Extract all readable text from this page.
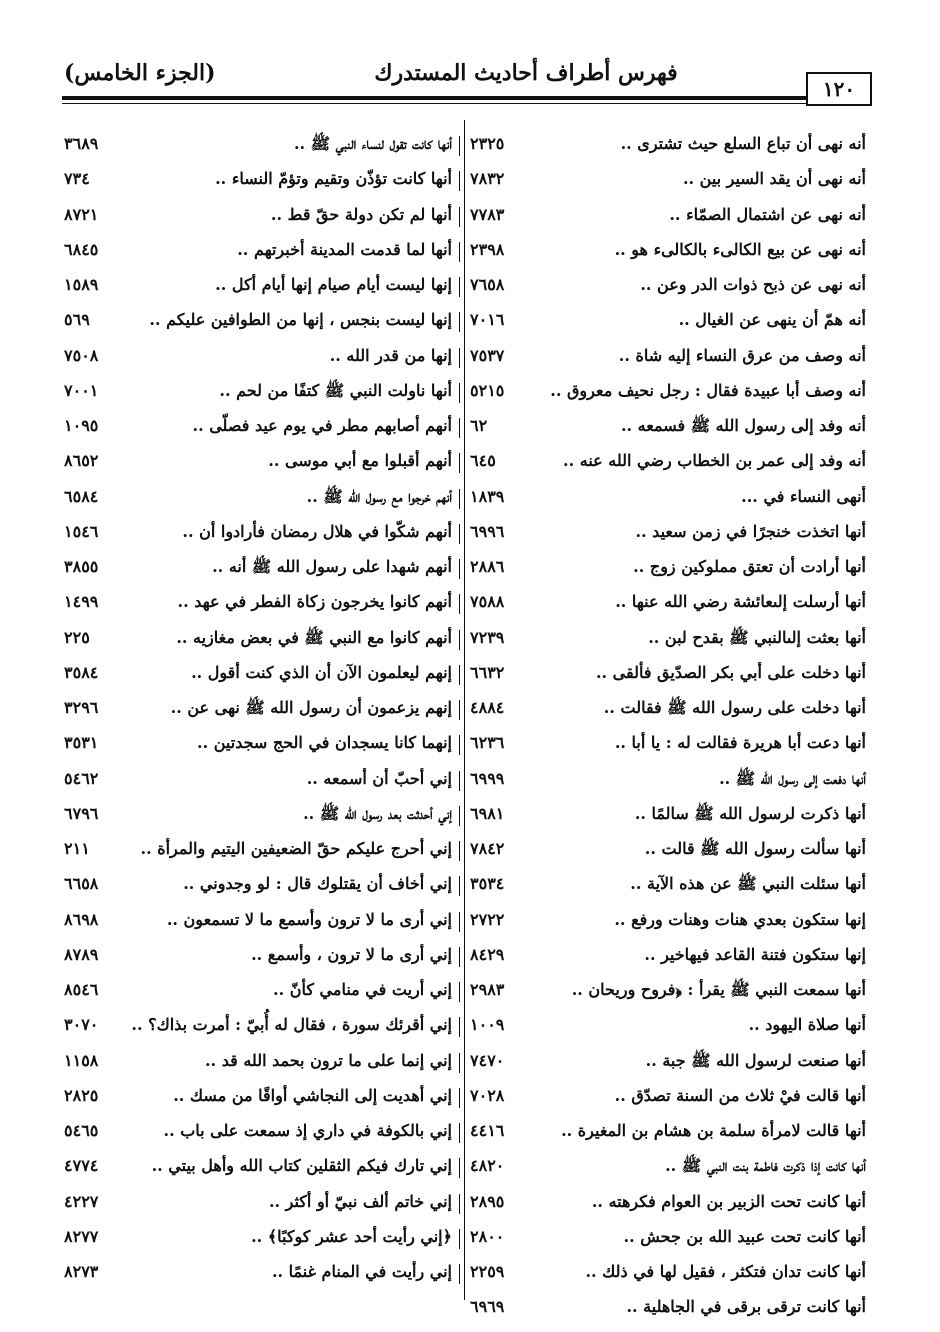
١٢٠
فهرس أطراف أحاديث المستدرك
(الجزء الخامس)
أنه نهى أن تباع السلع حيث تشترى ..
٢٣٢٥
أنه نهى أن يقد السير بين ..
٧٨٣٢
أنه نهى عن اشتمال الصمّاء ..
٧٧٨٣
أنه نهى عن بيع الكالىء بالكالىء هو ..
٢٣٩٨
أنه نهى عن ذبح ذوات الدر وعن ..
٧٦٥٨
أنه همّ أن ينهى عن الغيال ..
٧٠١٦
أنه وصف من عرق النساء إليه شاة ..
٧٥٣٧
أنه وصف أبا عبيدة فقال : رجل نحيف معروق ..
٥٢١٥
أنه وفد إلى رسول الله ﷺ فسمعه ..
٦٢
أنه وفد إلى عمر بن الخطاب رضي الله عنه ..
٦٤٥
أنهى النساء في ...
١٨٣٩
أنها اتخذت خنجرًا في زمن سعيد ..
٦٩٩٦
أنها أرادت أن تعتق مملوكين زوج ..
٢٨٨٦
أنها أرسلت إلىعائشة رضي الله عنها ..
٧٥٨٨
أنها بعثت إلىالنبي ﷺ بقدح لبن ..
٧٢٣٩
أنها دخلت على أبي بكر الصدّيق فألقى ..
٦٦٣٢
أنها دخلت على رسول الله ﷺ فقالت ..
٤٨٨٤
أنها دعت أبا هريرة فقالت له : يا أبا ..
٦٢٣٦
أنها دفعت إلى رسول الله ﷺ ..
٦٩٩٩
أنها ذكرت لرسول الله ﷺ سالمًا ..
٦٩٨١
أنها سألت رسول الله ﷺ قالت ..
٧٨٤٢
أنها سئلت النبي ﷺ عن هذه الآية ..
٣٥٣٤
إنها ستكون بعدي هنات وهنات ورفع ..
٢٧٢٢
إنها ستكون فتنة القاعد فيهاخير ..
٨٤٢٩
أنها سمعت النبي ﷺ يقرأ : ﴿فروح وريحان ..
٢٩٨٣
أنها صلاة اليهود ..
١٠٠٩
أنها صنعت لرسول الله ﷺ جبة ..
٧٤٧٠
أنها قالت فيْ ثلاث من السنة تصدّق ..
٧٠٢٨
أنها قالت لامرأة سلمة بن هشام بن المغيرة ..
٤٤١٦
أنها كانت إذا ذكرت فاطمة بنت النبي ﷺ ..
٤٨٢٠
أنها كانت تحت الزبير بن العوام فكرهته ..
٢٨٩٥
أنها كانت تحت عبيد الله بن جحش ..
٢٨٠٠
أنها كانت تدان فتكثر ، فقيل لها في ذلك ..
٢٢٥٩
أنها كانت ترقى برقى في الجاهلية ..
٦٩٦٩
أنها كانت تقول لنساء النبي ﷺ ..
٣٦٨٩
أنها كانت تؤذّن وتقيم وتؤمّ النساء ..
٧٣٤
أنها لم تكن دولة حقّ قط ..
٨٧٢١
أنها لما قدمت المدينة أخبرتهم ..
٦٨٤٥
إنها ليست أيام صيام إنها أيام أكل ..
١٥٨٩
إنها ليست بنجس ، إنها من الطوافين عليكم ..
٥٦٩
إنها من قدر الله ..
٧٥٠٨
أنها ناولت النبي ﷺ كتفًا من لحم ..
٧٠٠١
أنهم أصابهم مطر في يوم عيد فصلّى ..
١٠٩٥
أنهم أقبلوا مع أبي موسى ..
٨٦٥٢
أنهم خرجوا مع رسول الله ﷺ ..
٦٥٨٤
أنهم شكّوا في هلال رمضان فأرادوا أن ..
١٥٤٦
أنهم شهدا على رسول الله ﷺ أنه ..
٣٨٥٥
أنهم كانوا يخرجون زكاة الفطر في عهد ..
١٤٩٩
أنهم كانوا مع النبي ﷺ في بعض مغازيه ..
٢٢٥
إنهم ليعلمون الآن أن الذي كنت أقول ..
٣٥٨٤
إنهم يزعمون أن رسول الله ﷺ نهى عن ..
٣٢٩٦
إنهما كانا يسجدان في الحج سجدتين ..
٣٥٣١
إني أحبّ أن أسمعه ..
٥٤٦٢
إني أحدثت بعد رسول الله ﷺ ..
٦٧٩٦
إني أحرج عليكم حقّ الضعيفين اليتيم والمرأة ..
٢١١
إني أخاف أن يقتلوك قال : لو وجدوني ..
٦٦٥٨
إني أرى ما لا ترون وأسمع ما لا تسمعون ..
٨٦٩٨
إني أرى ما لا ترون ، وأسمع ..
٨٧٨٩
إني أريت في منامي كأنّ ..
٨٥٤٦
إني أقرئك سورة ، فقال له أُبيّ : أمرت بذاك؟ ..
٣٠٧٠
إني إنما على ما ترون بحمد الله قد ..
١١٥٨
إني أهديت إلى النجاشي أواقًا من مسك ..
٢٨٢٥
إني بالكوفة في داري إذ سمعت على باب ..
٥٤٦٥
إني تارك فيكم الثقلين كتاب الله وأهل بيتي ..
٤٧٧٤
إني خاتم ألف نبيّ أو أكثر ..
٤٢٢٧
﴿إني رأيت أحد عشر كوكبًا﴾ ..
٨٢٧٧
إني رأيت في المنام غنمًا ..
٨٢٧٣
